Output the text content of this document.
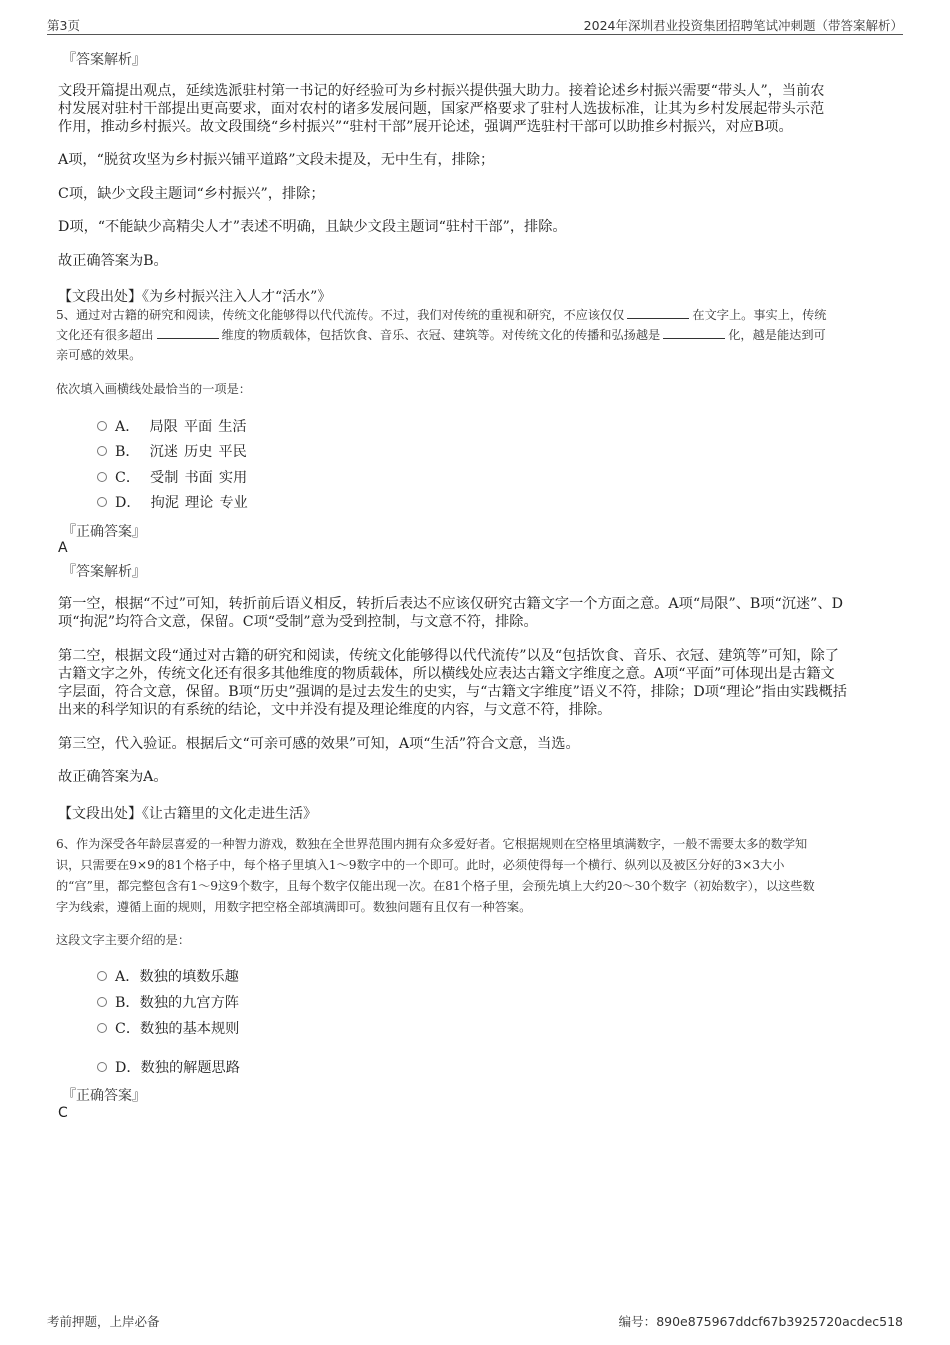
第3页	2024年深圳君业投资集团招聘笔试冲刺题（带答案解析）
『答案解析』
文段开篇提出观点，延续选派驻村第一书记的好经验可为乡村振兴提供强大助力。接着论述乡村振兴需要“带头人”，当前农
村发展对驻村干部提出更高要求，面对农村的诸多发展问题，国家严格要求了驻村人选拔标准，让其为乡村发展起带头示范
作用，推动乡村振兴。故文段围绕“乡村振兴”“驻村干部”展开论述，强调严选驻村干部可以助推乡村振兴，对应B项。
A项，“脱贫攻坚为乡村振兴铺平道路”文段未提及，无中生有，排除；
C项，缺少文段主题词“乡村振兴”，排除；
D项，“不能缺少高精尖人才”表述不明确，且缺少文段主题词“驻村干部”，排除。
故正确答案为B。
【文段出处】《为乡村振兴注入人才“活水”》
5、通过对古籍的研究和阅读，传统文化能够得以代代流传。不过，我们对传统的重视和研究，不应该仅仅	在文字上。事实上，传统
文化还有很多超出	维度的物质载体，包括饮食、音乐、衣冠、建筑等。对传统文化的传播和弘扬越是	化，越是能达到可
亲可感的效果。
依次填入画横线处最恰当的一项是：
A． 局限 平面 生活
B． 沉迷 历史 平民
C． 受制 书面 实用
D． 拘泥 理论 专业
『正确答案』
A
『答案解析』
第一空，根据“不过”可知，转折前后语义相反，转折后表达不应该仅研究古籍文字一个方面之意。A项“局限”、B项“沉迷”、D
项“拘泥”均符合文意，保留。C项“受制”意为受到控制，与文意不符，排除。
第二空，根据文段“通过对古籍的研究和阅读，传统文化能够得以代代流传”以及“包括饮食、音乐、衣冠、建筑等”可知，除了
古籍文字之外，传统文化还有很多其他维度的物质载体，所以横线处应表达古籍文字维度之意。A项“平面”可体现出是古籍文
字层面，符合文意，保留。B项“历史”强调的是过去发生的史实，与“古籍文字维度”语义不符，排除；D项“理论”指由实践概括
出来的科学知识的有系统的结论，文中并没有提及理论维度的内容，与文意不符，排除。
第三空，代入验证。根据后文“可亲可感的效果”可知，A项“生活”符合文意，当选。
故正确答案为A。
【文段出处】《让古籍里的文化走进生活》
6、作为深受各年龄层喜爱的一种智力游戏，数独在全世界范围内拥有众多爱好者。它根据规则在空格里填满数字，一般不需要太多的数学知
识，只需要在9×9的81个格子中，每个格子里填入1～9数字中的一个即可。此时，必须使得每一个横行、纵列以及被区分好的3×3大小
的“宫”里，都完整包含有1～9这9个数字，且每个数字仅能出现一次。在81个格子里，会预先填上大约20～30个数字（初始数字），以这些数
字为线索，遵循上面的规则，用数字把空格全部填满即可。数独问题有且仅有一种答案。
这段文字主要介绍的是：
A．数独的填数乐趣
B．数独的九宫方阵
C．数独的基本规则
D．数独的解题思路
『正确答案』
C
考前押题，上岸必备	编号：890e875967ddcf67b3925720acdec518
